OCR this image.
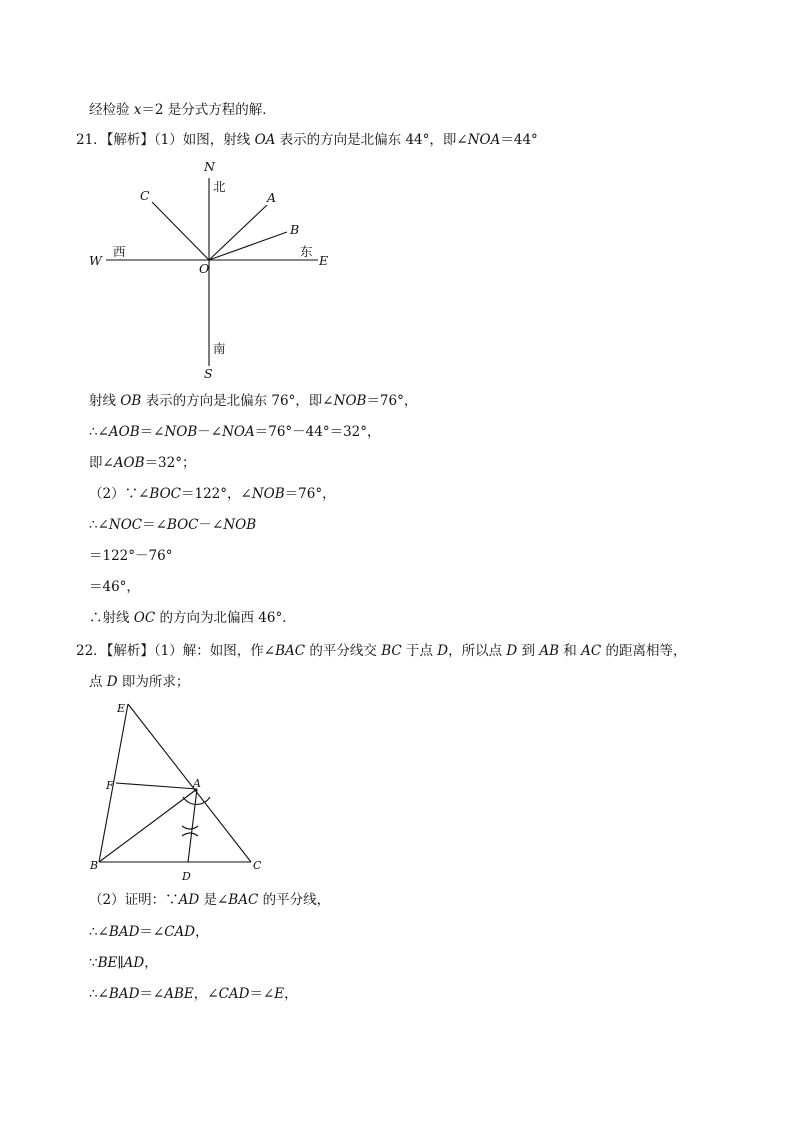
经检验 x＝2 是分式方程的解．
21．【解析】（1）如图，射线 OA 表示的方向是北偏东 44°，即∠NOA＝44°
N
北
C	A
B
W
西
O
东
E
南
S
射线 OB 表示的方向是北偏东 76°，即∠NOB＝76°，
∴∠AOB＝∠NOB－∠NOA＝76°－44°＝32°，
即∠AOB＝32°；
（2）∵∠BOC＝122°，∠NOB＝76°，
∴∠NOC＝∠BOC－∠NOB
＝122°－76°
＝46°，
∴射线 OC 的方向为北偏西 46°．
22．【解析】（1）解：如图，作∠BAC 的平分线交 BC 于点 D，所以点 D 到 AB 和 AC 的距离相等，
点 D 即为所求；
E
F	A
B
D
C
（2）证明：∵AD 是∠BAC 的平分线，
∴∠BAD＝∠CAD，
∵BE∥AD，
∴∠BAD＝∠ABE，∠CAD＝∠E，
